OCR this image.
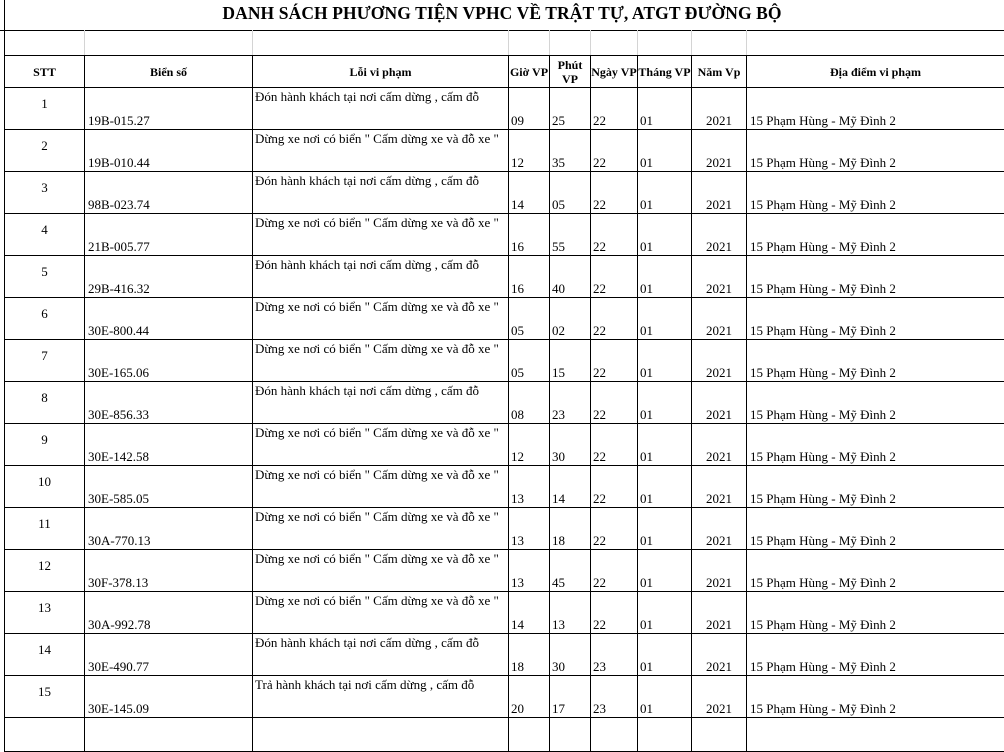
DANH SÁCH PHƯƠNG TIỆN VPHC VỀ TRẬT TỰ, ATGT ĐƯỜNG BỘ
STT	Biển số	Lỗi vi phạm	Giờ VP	Phút VP	Ngày VP	Tháng VP	Năm Vp	Địa điểm vi phạm
1	19B-015.27	Đón hành khách tại nơi cấm dừng , cấm đỗ	09	25	22	01	2021	15 Phạm Hùng - Mỹ Đình 2
2	19B-010.44	Dừng xe nơi có biển " Cấm dừng xe và đỗ xe "	12	35	22	01	2021	15 Phạm Hùng - Mỹ Đình 2
3	98B-023.74	Đón hành khách tại nơi cấm dừng , cấm đỗ	14	05	22	01	2021	15 Phạm Hùng - Mỹ Đình 2
4	21B-005.77	Dừng xe nơi có biển " Cấm dừng xe và đỗ xe "	16	55	22	01	2021	15 Phạm Hùng - Mỹ Đình 2
5	29B-416.32	Đón hành khách tại nơi cấm dừng , cấm đỗ	16	40	22	01	2021	15 Phạm Hùng - Mỹ Đình 2
6	30E-800.44	Dừng xe nơi có biển " Cấm dừng xe và đỗ xe "	05	02	22	01	2021	15 Phạm Hùng - Mỹ Đình 2
7	30E-165.06	Dừng xe nơi có biển " Cấm dừng xe và đỗ xe "	05	15	22	01	2021	15 Phạm Hùng - Mỹ Đình 2
8	30E-856.33	Đón hành khách tại nơi cấm dừng , cấm đỗ	08	23	22	01	2021	15 Phạm Hùng - Mỹ Đình 2
9	30E-142.58	Dừng xe nơi có biển " Cấm dừng xe và đỗ xe "	12	30	22	01	2021	15 Phạm Hùng - Mỹ Đình 2
10	30E-585.05	Dừng xe nơi có biển " Cấm dừng xe và đỗ xe "	13	14	22	01	2021	15 Phạm Hùng - Mỹ Đình 2
11	30A-770.13	Dừng xe nơi có biển " Cấm dừng xe và đỗ xe "	13	18	22	01	2021	15 Phạm Hùng - Mỹ Đình 2
12	30F-378.13	Dừng xe nơi có biển " Cấm dừng xe và đỗ xe "	13	45	22	01	2021	15 Phạm Hùng - Mỹ Đình 2
13	30A-992.78	Dừng xe nơi có biển " Cấm dừng xe và đỗ xe "	14	13	22	01	2021	15 Phạm Hùng - Mỹ Đình 2
14	30E-490.77	Đón hành khách tại nơi cấm dừng , cấm đỗ	18	30	23	01	2021	15 Phạm Hùng - Mỹ Đình 2
15	30E-145.09	Trả hành khách tại nơi cấm dừng , cấm đỗ	20	17	23	01	2021	15 Phạm Hùng - Mỹ Đình 2
